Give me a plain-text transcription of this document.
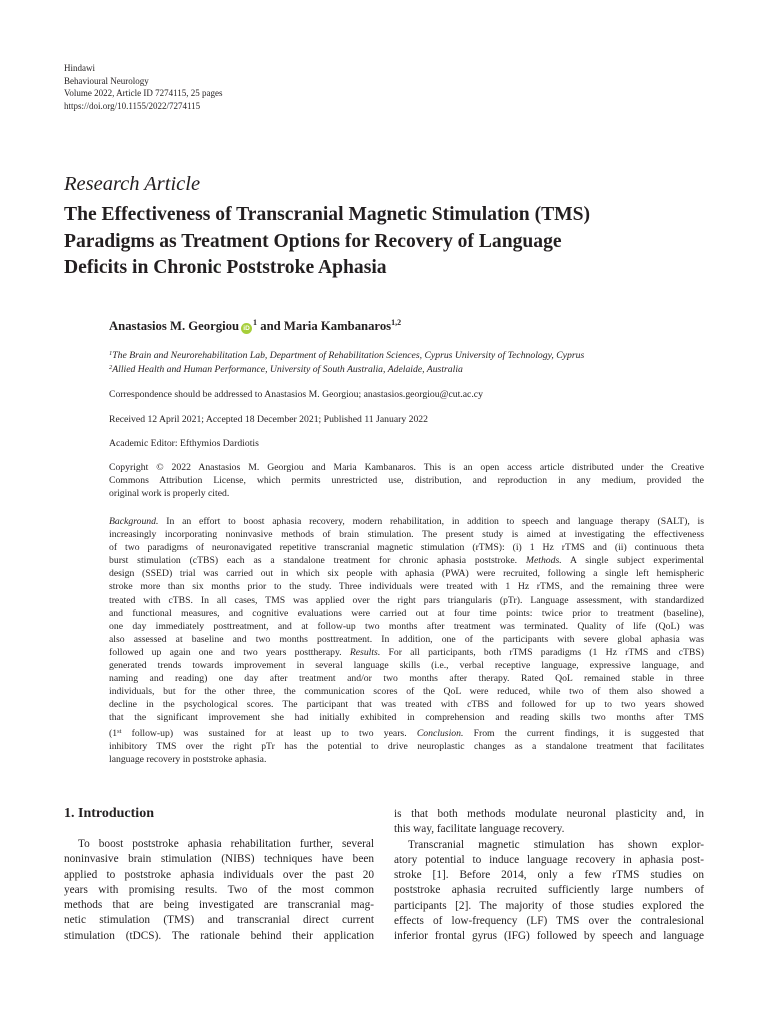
Hindawi
Behavioural Neurology
Volume 2022, Article ID 7274115, 25 pages
https://doi.org/10.1155/2022/7274115
Research Article
The Effectiveness of Transcranial Magnetic Stimulation (TMS)
Paradigms as Treatment Options for Recovery of Language
Deficits in Chronic Poststroke Aphasia
Anastasios M. Georgiou $iD^1$ and Maria Kambanaros$^{1,2}$
$^1$The Brain and Neurorehabilitation Lab, Department of Rehabilitation Sciences, Cyprus University of Technology, Cyprus
$^2$Allied Health and Human Performance, University of South Australia, Adelaide, Australia
Correspondence should be addressed to Anastasios M. Georgiou; anastasios.georgiou@cut.ac.cy
Received 12 April 2021; Accepted 18 December 2021; Published 11 January 2022
Academic Editor: Efthymios Dardiotis
Copyright © 2022 Anastasios M. Georgiou and Maria Kambanaros. This is an open access article distributed under the Creative
Commons Attribution License, which permits unrestricted use, distribution, and reproduction in any medium, provided the
original work is properly cited.
Background. In an effort to boost aphasia recovery, modern rehabilitation, in addition to speech and language therapy (SALT), is
increasingly incorporating noninvasive methods of brain stimulation. The present study is aimed at investigating the effectiveness
of two paradigms of neuronavigated repetitive transcranial magnetic stimulation (rTMS): (i) 1 Hz rTMS and (ii) continuous theta
burst stimulation (cTBS) each as a standalone treatment for chronic aphasia poststroke. Methods. A single subject experimental
design (SSED) trial was carried out in which six people with aphasia (PWA) were recruited, following a single left hemispheric
stroke more than six months prior to the study. Three individuals were treated with 1 Hz rTMS, and the remaining three were
treated with cTBS. In all cases, TMS was applied over the right pars triangularis (pTr). Language assessment, with standardized
and functional measures, and cognitive evaluations were carried out at four time points: twice prior to treatment (baseline),
one day immediately posttreatment, and at follow-up two months after treatment was terminated. Quality of life (QoL) was
also assessed at baseline and two months posttreatment. In addition, one of the participants with severe global aphasia was
followed up again one and two years posttherapy. Results. For all participants, both rTMS paradigms (1 Hz rTMS and cTBS)
generated trends towards improvement in several language skills (i.e., verbal receptive language, expressive language, and
naming and reading) one day after treatment and/or two months after therapy. Rated QoL remained stable in three
individuals, but for the other three, the communication scores of the QoL were reduced, while two of them also showed a
decline in the psychological scores. The participant that was treated with cTBS and followed for up to two years showed
that the significant improvement she had initially exhibited in comprehension and reading skills two months after TMS
(1st follow-up) was sustained for at least up to two years. Conclusion. From the current findings, it is suggested that
inhibitory TMS over the right pTr has the potential to drive neuroplastic changes as a standalone treatment that facilitates
language recovery in poststroke aphasia.
1. Introduction
To boost poststroke aphasia rehabilitation further, several
noninvasive brain stimulation (NIBS) techniques have been
applied to poststroke aphasia individuals over the past 20
years with promising results. Two of the most common
methods that are being investigated are transcranial mag-
netic stimulation (TMS) and transcranial direct current
stimulation (tDCS). The rationale behind their application
is that both methods modulate neuronal plasticity and, in
this way, facilitate language recovery.
Transcranial magnetic stimulation has shown explor-
atory potential to induce language recovery in aphasia post-
stroke [1]. Before 2014, only a few rTMS studies on
poststroke aphasia recruited sufficiently large numbers of
participants [2]. The majority of those studies explored the
effects of low-frequency (LF) TMS over the contralesional
inferior frontal gyrus (IFG) followed by speech and language
